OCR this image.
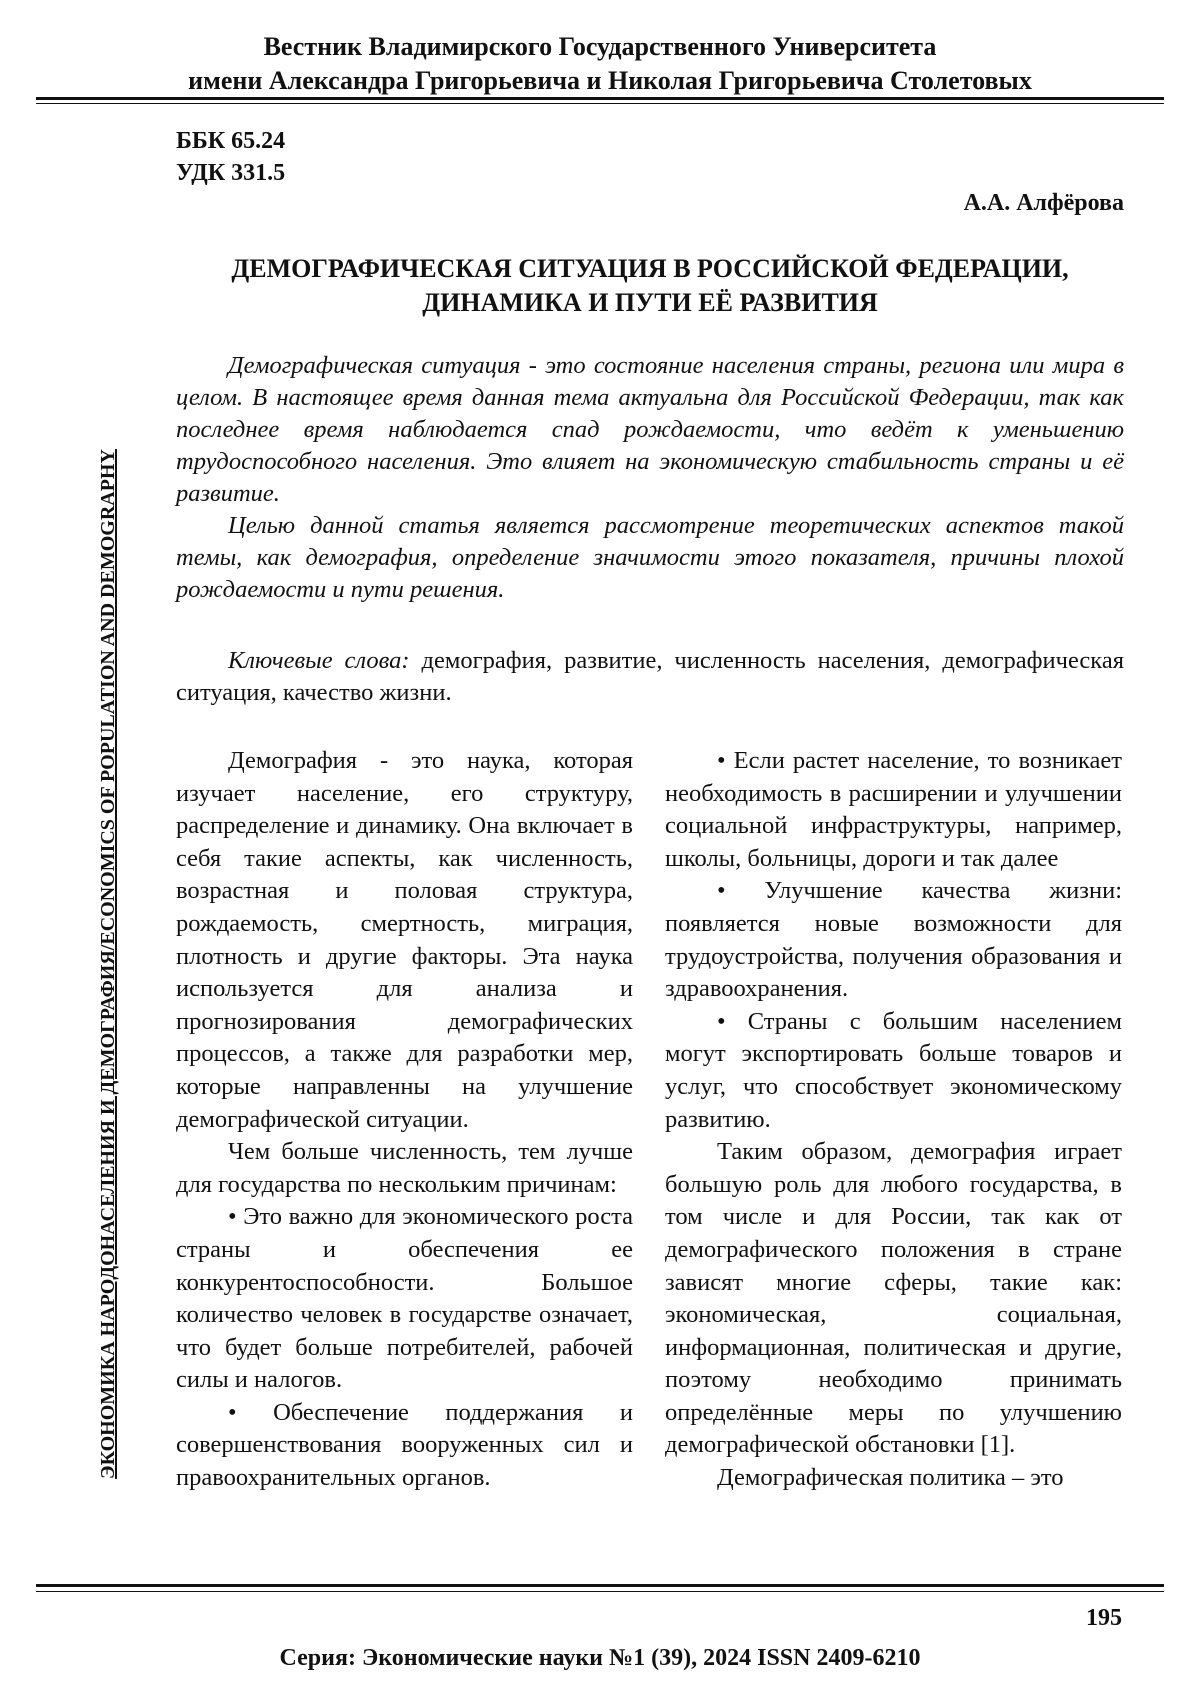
Вестник Владимирского Государственного Университета
имени Александра Григорьевича и Николая Григорьевича Столетовых
ЭКОНОМИКА НАРОДОНАСЕЛЕНИЯ И ДЕМОГРАФИЯ/ECONOMICS OF POPULATION AND DEMOGRAPHY
ББК 65.24
УДК 331.5
А.А. Алфёрова
ДЕМОГРАФИЧЕСКАЯ СИТУАЦИЯ В РОССИЙСКОЙ ФЕДЕРАЦИИ,
ДИНАМИКА И ПУТИ ЕЁ РАЗВИТИЯ

Демографическая ситуация - это состояние населения страны, региона или мира в целом. В настоящее время данная тема актуальна для Российской Федерации, так как последнее время наблюдается спад рождаемости, что ведёт к уменьшению трудоспособного населения. Это влияет на экономическую стабильность страны и её развитие.

Целью данной статья является рассмотрение теоретических аспектов такой темы, как демография, определение значимости этого показателя, причины плохой рождаемости и пути решения.

Ключевые слова: демография, развитие, численность населения, демографическая ситуация, качество жизни.

Демография - это наука, которая изучает население, его структуру, распределение и динамику. Она включает в себя такие аспекты, как численность, возрастная и половая структура, рождаемость, смертность, миграция, плотность и другие факторы. Эта наука используется для анализа и прогнозирования демографических процессов, а также для разработки мер, которые направленны на улучшение демографической ситуации.

Чем больше численность, тем лучше для государства по нескольким причинам:

• Это важно для экономического роста страны и обеспечения ее конкурентоспособности. Большое количество человек в государстве означает, что будет больше потребителей, рабочей силы и налогов.

• Обеспечение поддержания и совершенствования вооруженных сил и правоохранительных органов.

• Если растет население, то возникает необходимость в расширении и улучшении социальной инфраструктуры, например, школы, больницы, дороги и так далее

• Улучшение качества жизни: появляется новые возможности для трудоустройства, получения образования и здравоохранения.

• Страны с большим населением могут экспортировать больше товаров и услуг, что способствует экономическому развитию.

Таким образом, демография играет большую роль для любого государства, в том числе и для России, так как от демографического положения в стране зависят многие сферы, такие как: экономическая, социальная, информационная, политическая и другие, поэтому необходимо принимать определённые меры по улучшению демографической обстановки [1].

Демографическая политика – это

195
Серия: Экономические науки №1 (39), 2024 ISSN 2409-6210
